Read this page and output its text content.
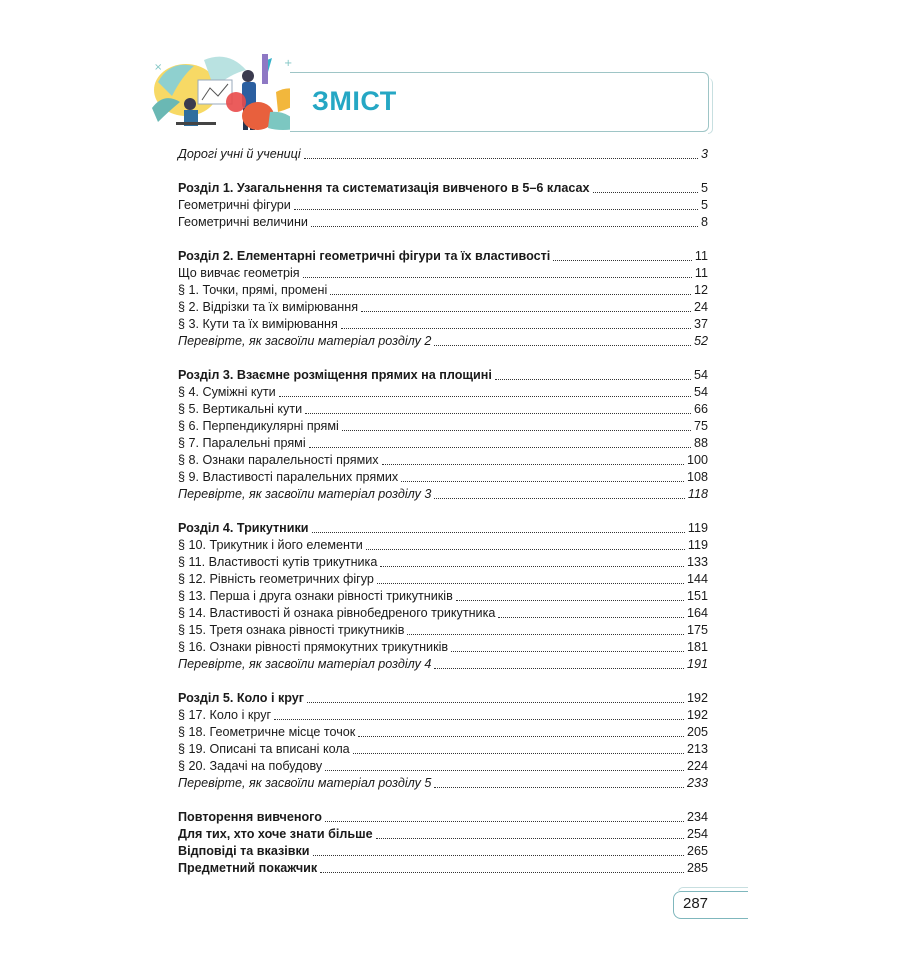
+
×
ЗМІСТ
Дорогі учні й учениці	3
Розділ 1. Узагальнення та систематизація вивченого в 5–6 класах	5
Геометричні фігури	5
Геометричні величини	8
Розділ 2. Елементарні геометричні фігури та їх властивості	11
Що вивчає геометрія	11
§ 1. Точки, прямі, промені	12
§ 2. Відрізки та їх вимірювання	24
§ 3. Кути та їх вимірювання	37
Перевірте, як засвоїли матеріал розділу 2	52
Розділ 3. Взаємне розміщення прямих на площині	54
§ 4. Суміжні кути	54
§ 5. Вертикальні кути	66
§ 6. Перпендикулярні прямі	75
§ 7. Паралельні прямі	88
§ 8. Ознаки паралельності прямих	100
§ 9. Властивості паралельних прямих	108
Перевірте, як засвоїли матеріал розділу 3	118
Розділ 4. Трикутники	119
§ 10. Трикутник і його елементи	119
§ 11. Властивості кутів трикутника	133
§ 12. Рівність геометричних фігур	144
§ 13. Перша і друга ознаки рівності трикутників	151
§ 14. Властивості й ознака рівнобедреного трикутника	164
§ 15. Третя ознака рівності трикутників	175
§ 16. Ознаки рівності прямокутних трикутників	181
Перевірте, як засвоїли матеріал розділу 4	191
Розділ 5. Коло і круг	192
§ 17. Коло і круг	192
§ 18. Геометричне місце точок	205
§ 19. Описані та вписані кола	213
§ 20. Задачі на побудову	224
Перевірте, як засвоїли матеріал розділу 5	233
Повторення вивченого	234
Для тих, хто хоче знати більше	254
Відповіді та вказівки	265
Предметний покажчик	285
287
